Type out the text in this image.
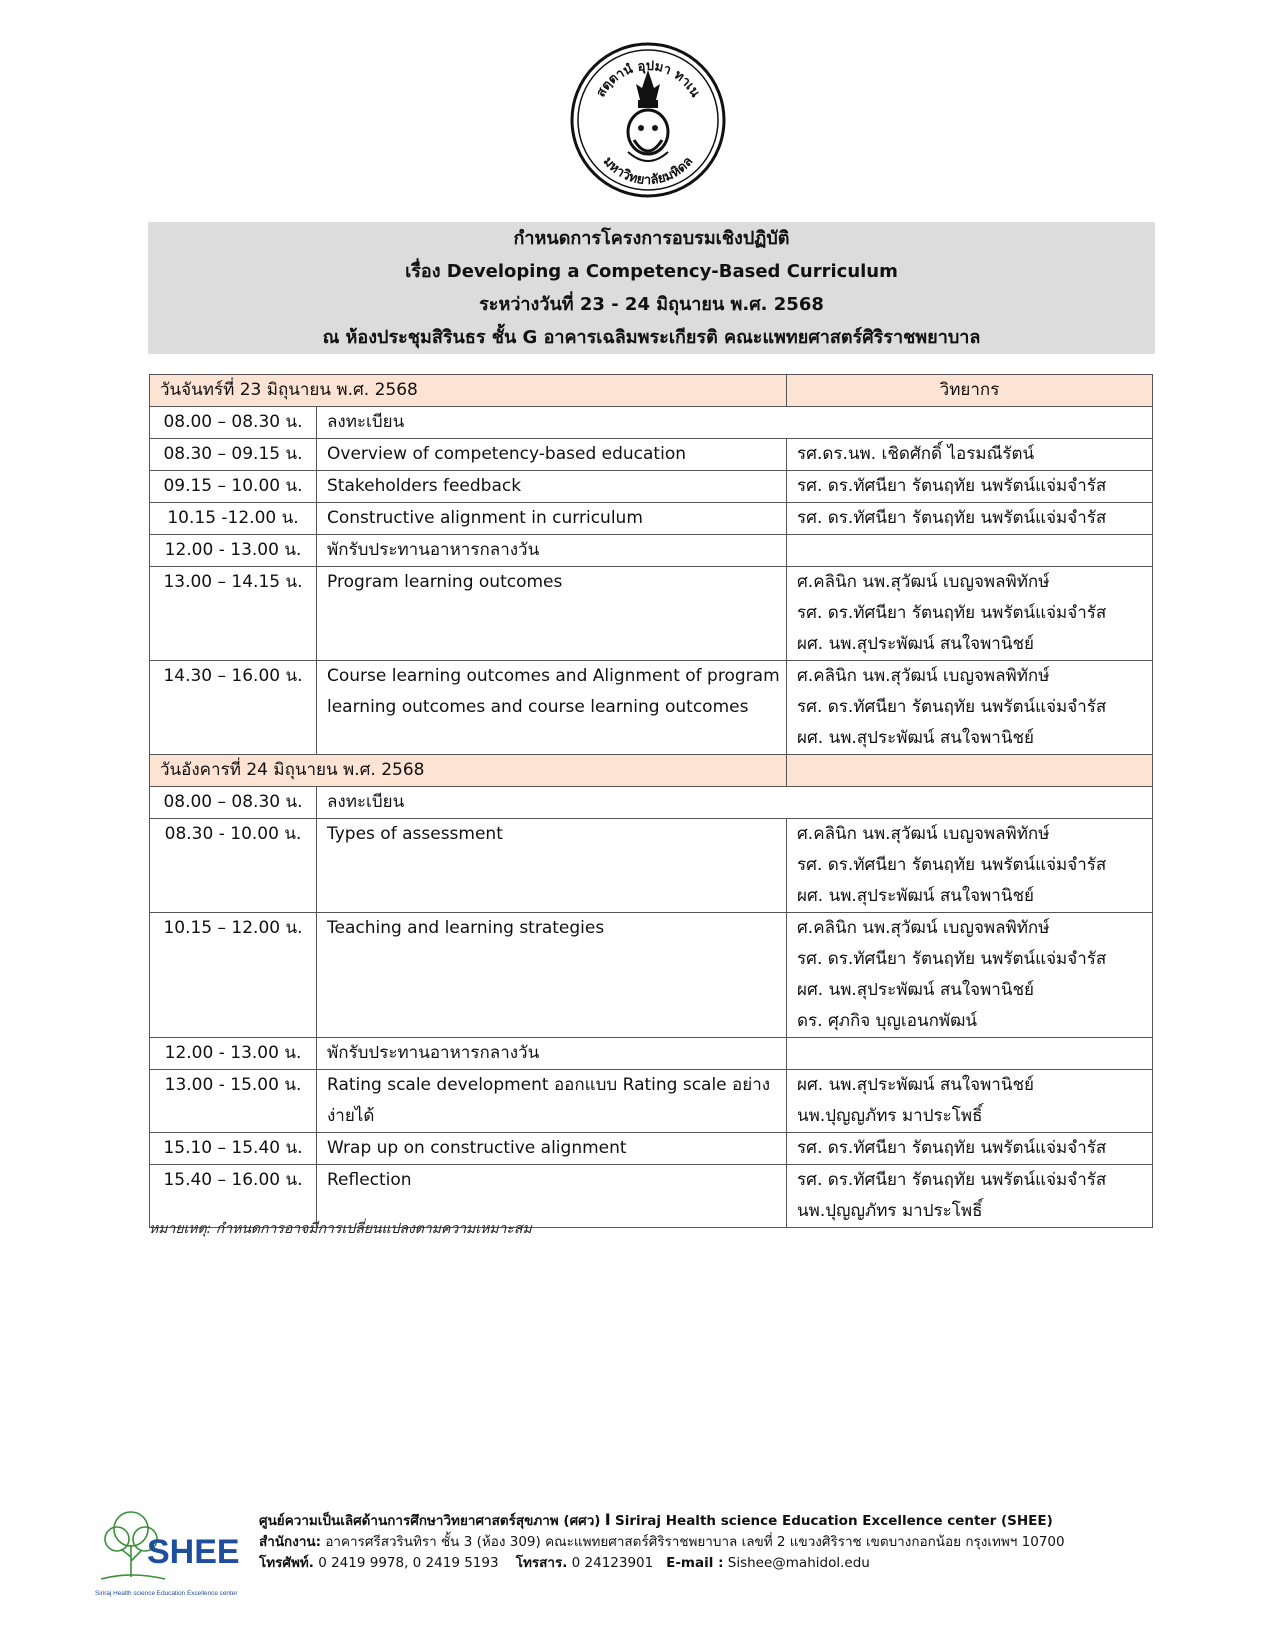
สตฺตานํ อุปมา ทาเน
มหาวิทยาลัยมหิดล
กำหนดการโครงการอบรมเชิงปฏิบัติ
เรื่อง Developing a Competency-Based Curriculum
ระหว่างวันที่ 23 - 24 มิถุนายน พ.ศ. 2568
ณ ห้องประชุมสิรินธร ชั้น G อาคารเฉลิมพระเกียรติ คณะแพทยศาสตร์ศิริราชพยาบาล
วันจันทร์ที่ 23 มิถุนายน พ.ศ. 2568		วิทยากร
08.00 – 08.30 น.	ลงทะเบียน	

08.30 – 09.15 น.	Overview of competency-based education	รศ.ดร.นพ. เชิดศักดิ์ ไอรมณีรัตน์

09.15 – 10.00 น.	Stakeholders feedback	รศ. ดร.ทัศนียา รัตนฤทัย นพรัตน์แจ่มจำรัส

10.15 -12.00 น.	Constructive alignment in curriculum	รศ. ดร.ทัศนียา รัตนฤทัย นพรัตน์แจ่มจำรัส

12.00 - 13.00 น.	พักรับประทานอาหารกลางวัน	

13.00 – 14.15 น.	Program learning outcomes	ศ.คลินิก นพ.สุวัฒน์ เบญจพลพิทักษ์
รศ. ดร.ทัศนียา รัตนฤทัย นพรัตน์แจ่มจำรัส
ผศ. นพ.สุประพัฒน์ สนใจพานิชย์

14.30 – 16.00 น.	Course learning outcomes and Alignment of program
learning outcomes and course learning outcomes	ศ.คลินิก นพ.สุวัฒน์ เบญจพลพิทักษ์
รศ. ดร.ทัศนียา รัตนฤทัย นพรัตน์แจ่มจำรัส
ผศ. นพ.สุประพัฒน์ สนใจพานิชย์

วันอังคารที่ 24 มิถุนายน พ.ศ. 2568		
08.00 – 08.30 น.	ลงทะเบียน	

08.30 - 10.00 น.	Types of assessment	ศ.คลินิก นพ.สุวัฒน์ เบญจพลพิทักษ์
รศ. ดร.ทัศนียา รัตนฤทัย นพรัตน์แจ่มจำรัส
ผศ. นพ.สุประพัฒน์ สนใจพานิชย์

10.15 – 12.00 น.	Teaching and learning strategies	ศ.คลินิก นพ.สุวัฒน์ เบญจพลพิทักษ์
รศ. ดร.ทัศนียา รัตนฤทัย นพรัตน์แจ่มจำรัส
ผศ. นพ.สุประพัฒน์ สนใจพานิชย์
ดร. ศุภกิจ บุญเอนกพัฒน์

12.00 - 13.00 น.	พักรับประทานอาหารกลางวัน	

13.00 - 15.00 น.	Rating scale development ออกแบบ Rating scale อย่าง
ง่ายได้	ผศ. นพ.สุประพัฒน์ สนใจพานิชย์
นพ.ปุญญภัทร มาประโพธิ์

15.10 – 15.40 น.	Wrap up on constructive alignment	รศ. ดร.ทัศนียา รัตนฤทัย นพรัตน์แจ่มจำรัส

15.40 – 16.00 น.	Reflection	รศ. ดร.ทัศนียา รัตนฤทัย นพรัตน์แจ่มจำรัส
นพ.ปุญญภัทร มาประโพธิ์
หมายเหตุ: กำหนดการอาจมีการเปลี่ยนแปลงตามความเหมาะสม
SHEE
Siriraj Health science Education Excellence center
ศูนย์ความเป็นเลิศด้านการศึกษาวิทยาศาสตร์สุขภาพ (ศศว) I Siriraj Health science Education Excellence center (SHEE)
สำนักงาน: อาคารศรีสวรินทิรา ชั้น 3 (ห้อง 309) คณะแพทยศาสตร์ศิริราชพยาบาล เลขที่ 2 แขวงศิริราช เขตบางกอกน้อย กรุงเทพฯ 10700
โทรศัพท์. 0 2419 9978, 0 2419 5193 โทรสาร. 0 24123901 E-mail : Sishee@mahidol.edu
